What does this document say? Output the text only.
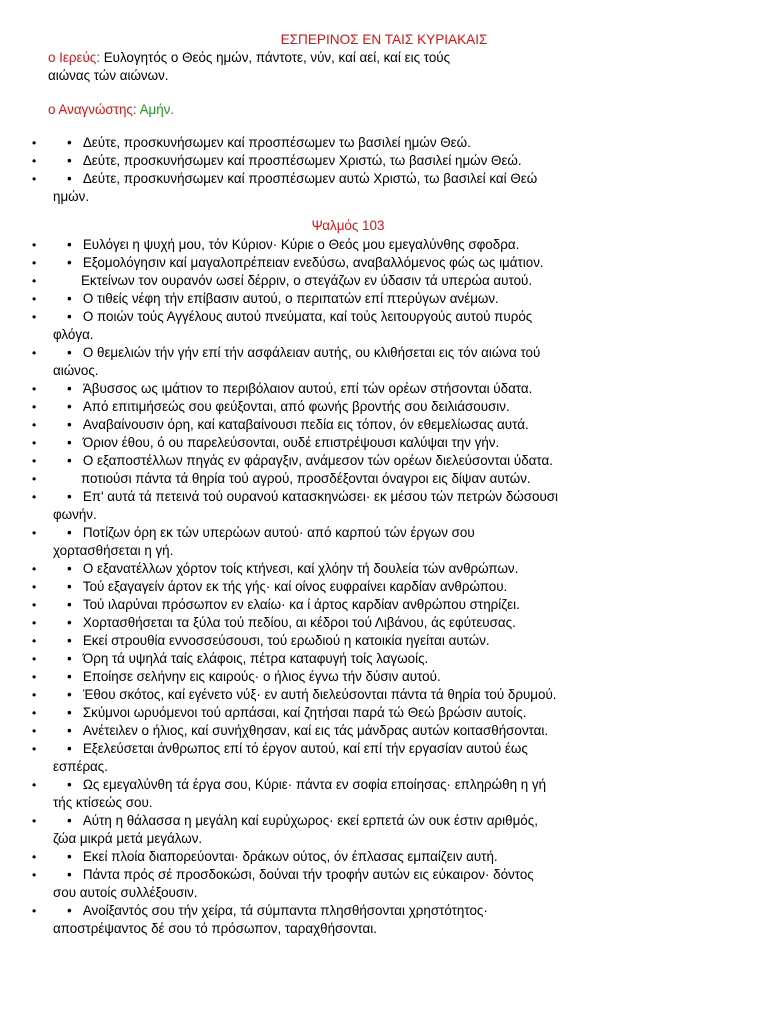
ΕΣΠΕΡΙΝΟΣ ΕΝ ΤΑΙΣ ΚΥΡΙΑΚΑΙΣ
ο Ιερεύς: Ευλογητός ο Θεός ημών, πάντοτε, νύν, καί αεί, καί εις τούς
αιώνας τών αιώνων.
ο Αναγνώστης: Αμήν.
•	•   Δεύτε, προσκυνήσωμεν καί προσπέσωμεν τω βασιλεί ημών Θεώ.
•	•   Δεύτε, προσκυνήσωμεν καί προσπέσωμεν Χριστώ, τω βασιλεί ημών Θεώ.
•	•   Δεύτε, προσκυνήσωμεν καί προσπέσωμεν αυτώ Χριστώ, τω βασιλεί καί Θεώ
ημών.
Ψαλμός 103
•	•   Ευλόγει η ψυχή μου, τόν Κύριον· Κύριε ο Θεός μου εμεγαλύνθης σφοδρα.
•	•   Εξομολόγησιν καί μαγαλοπρέπειαν ενεδύσω, αναβαλλόμενος φώς ως ιμάτιον.
•	Εκτείνων τον ουρανόν ωσεί δέρριν, ο στεγάζων εν ύδασιν τά υπερώα αυτού.
•	•   Ο τιθείς νέφη τήν επίβασιν αυτού, ο περιπατών επί πτερύγων ανέμων.
•	•   Ο ποιών τούς Αγγέλους αυτού πνεύματα, καί τούς λειτουργούς αυτού πυρός
φλόγα.
•	•   Ο θεμελιών τήν γήν επί τήν ασφάλειαν αυτής, ου κλιθήσεται εις τόν αιώνα τού
αιώνος.
•	•   Άβυσσος ως ιμάτιον το περιβόλαιον αυτού, επί τών ορέων στήσονται ύδατα.
•	•   Από επιτιμήσεώς σου φεύξονται, από φωνής βροντής σου δειλιάσουσιν.
•	•   Αναβαίνουσιν όρη, καί καταβαίνουσι πεδία εις τόπον, όν εθεμελίωσας αυτά.
•	•   Όριον έθου, ό ου παρελεύσονται, ουδέ επιστρέψουσι καλύψαι την γήν.
•	•   Ο εξαποστέλλων πηγάς εν φάραγξιν, ανάμεσον τών ορέων διελεύσονται ύδατα.
•	ποτιούσι πάντα τά θηρία τού αγρού, προσδέξονται όναγροι εις δίψαν αυτών.
•	•   Επ' αυτά τά πετεινά τού ουρανού κατασκηνώσει· εκ μέσου τών πετρών δώσουσι
φωνήν.
•	•   Ποτίζων όρη εκ τών υπερώων αυτού· από καρπού τών έργων σου
χορτασθήσεται η γή.
•	•   Ο εξανατέλλων χόρτον τοίς κτήνεσι, καί χλόην τή δουλεία τών ανθρώπων.
•	•   Τού εξαγαγείν άρτον εκ τής γής· καί οίνος ευφραίνει καρδίαν ανθρώπου.
•	•   Τού ιλαρύναι πρόσωπον εν ελαίω· κα ί άρτος καρδίαν ανθρώπου στηρίζει.
•	•   Χορτασθήσεται τα ξύλα τού πεδίου, αι κέδροι τού Λιβάνου, άς εφύτευσας.
•	•   Εκεί στρουθία εννοσσεύσουσι, τού ερωδιού η κατοικία ηγείται αυτών.
•	•   Όρη τά υψηλά ταίς ελάφοις, πέτρα καταφυγή τοίς λαγωοίς.
•	•   Εποίησε σελήνην εις καιρούς· ο ήλιος έγνω τήν δύσιν αυτού.
•	•   Έθου σκότος, καί εγένετο νύξ· εν αυτή διελεύσονται πάντα τά θηρία τού δρυμού.
•	•   Σκύμνοι ωρυόμενοι τού αρπάσαι, καί ζητήσαι παρά τώ Θεώ βρώσιν αυτοίς.
•	•   Ανέτειλεν ο ήλιος, καί συνήχθησαν, καί εις τάς μάνδρας αυτών κοιτασθήσονται.
•	•   Εξελεύσεται άνθρωπος επί τό έργον αυτού, καί επί τήν εργασίαν αυτού έως
εσπέρας.
•	•   Ως εμεγαλύνθη τά έργα σου, Κύριε· πάντα εν σοφία εποίησας· επληρώθη η γή
τής κτίσεώς σου.
•	•   Αύτη η θάλασσα η μεγάλη καί ευρύχωρος· εκεί ερπετά ών ουκ έστιν αριθμός,
ζώα μικρά μετά μεγάλων.
•	•   Εκεί πλοία διαπορεύονται· δράκων ούτος, όν έπλασας εμπαίζειν αυτή.
•	•   Πάντα πρός σέ προσδοκώσι, δούναι τήν τροφήν αυτών εις εύκαιρον· δόντος
σου αυτοίς συλλέξουσιν.
•	•   Ανοίξαντός σου τήν χείρα, τά σύμπαντα πλησθήσονται χρηστότητος·
αποστρέψαντος δέ σου τό πρόσωπον, ταραχθήσονται.
